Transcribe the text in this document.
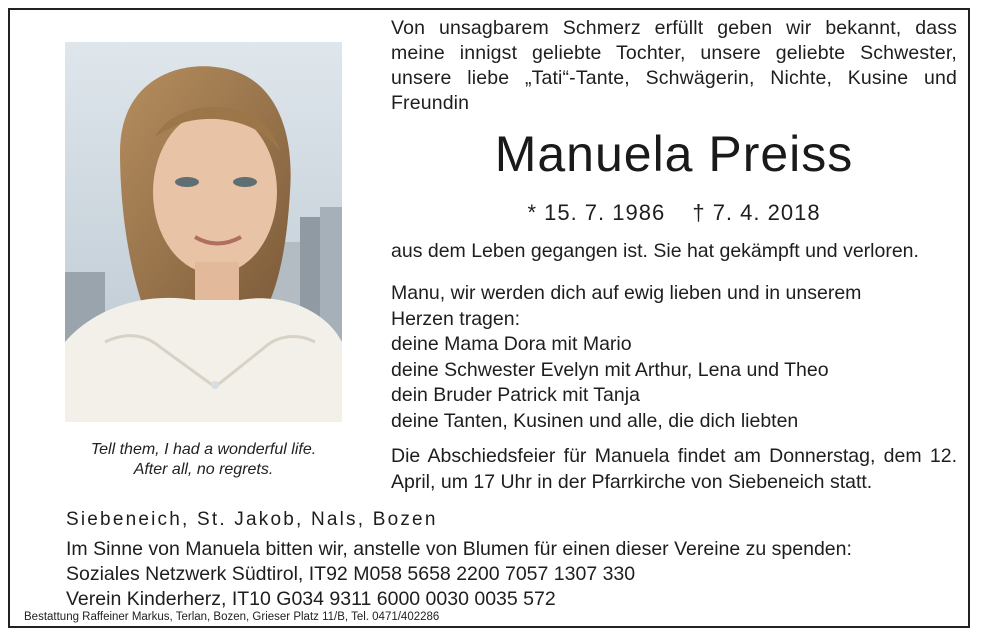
Tell them, I had a wonderful life.
After all, no regrets.
Von unsagbarem Schmerz erfüllt geben wir bekannt, dass meine innigst geliebte Tochter, unsere geliebte Schwester, unsere liebe „Tati“-Tante, Schwägerin, Nichte, Kusine und Freundin
Manuela Preiss
* 15. 7. 1986 † 7. 4. 2018
aus dem Leben gegangen ist. Sie hat gekämpft und verloren.
Manu, wir werden dich auf ewig lieben und in unserem
Herzen tragen:
deine Mama Dora mit Mario
deine Schwester Evelyn mit Arthur, Lena und Theo
dein Bruder Patrick mit Tanja
deine Tanten, Kusinen und alle, die dich liebten
Die Abschiedsfeier für Manuela findet am Donnerstag, dem 12. April, um 17 Uhr in der Pfarrkirche von Siebeneich statt.
Siebeneich, St. Jakob, Nals, Bozen
Im Sinne von Manuela bitten wir, anstelle von Blumen für einen dieser Vereine zu spenden:
Soziales Netzwerk Südtirol, IT92 M058 5658 2200 7057 1307 330
Verein Kinderherz, IT10 G034 9311 6000 0030 0035 572
Bestattung Raffeiner Markus, Terlan, Bozen, Grieser Platz 11/B, Tel. 0471/402286
